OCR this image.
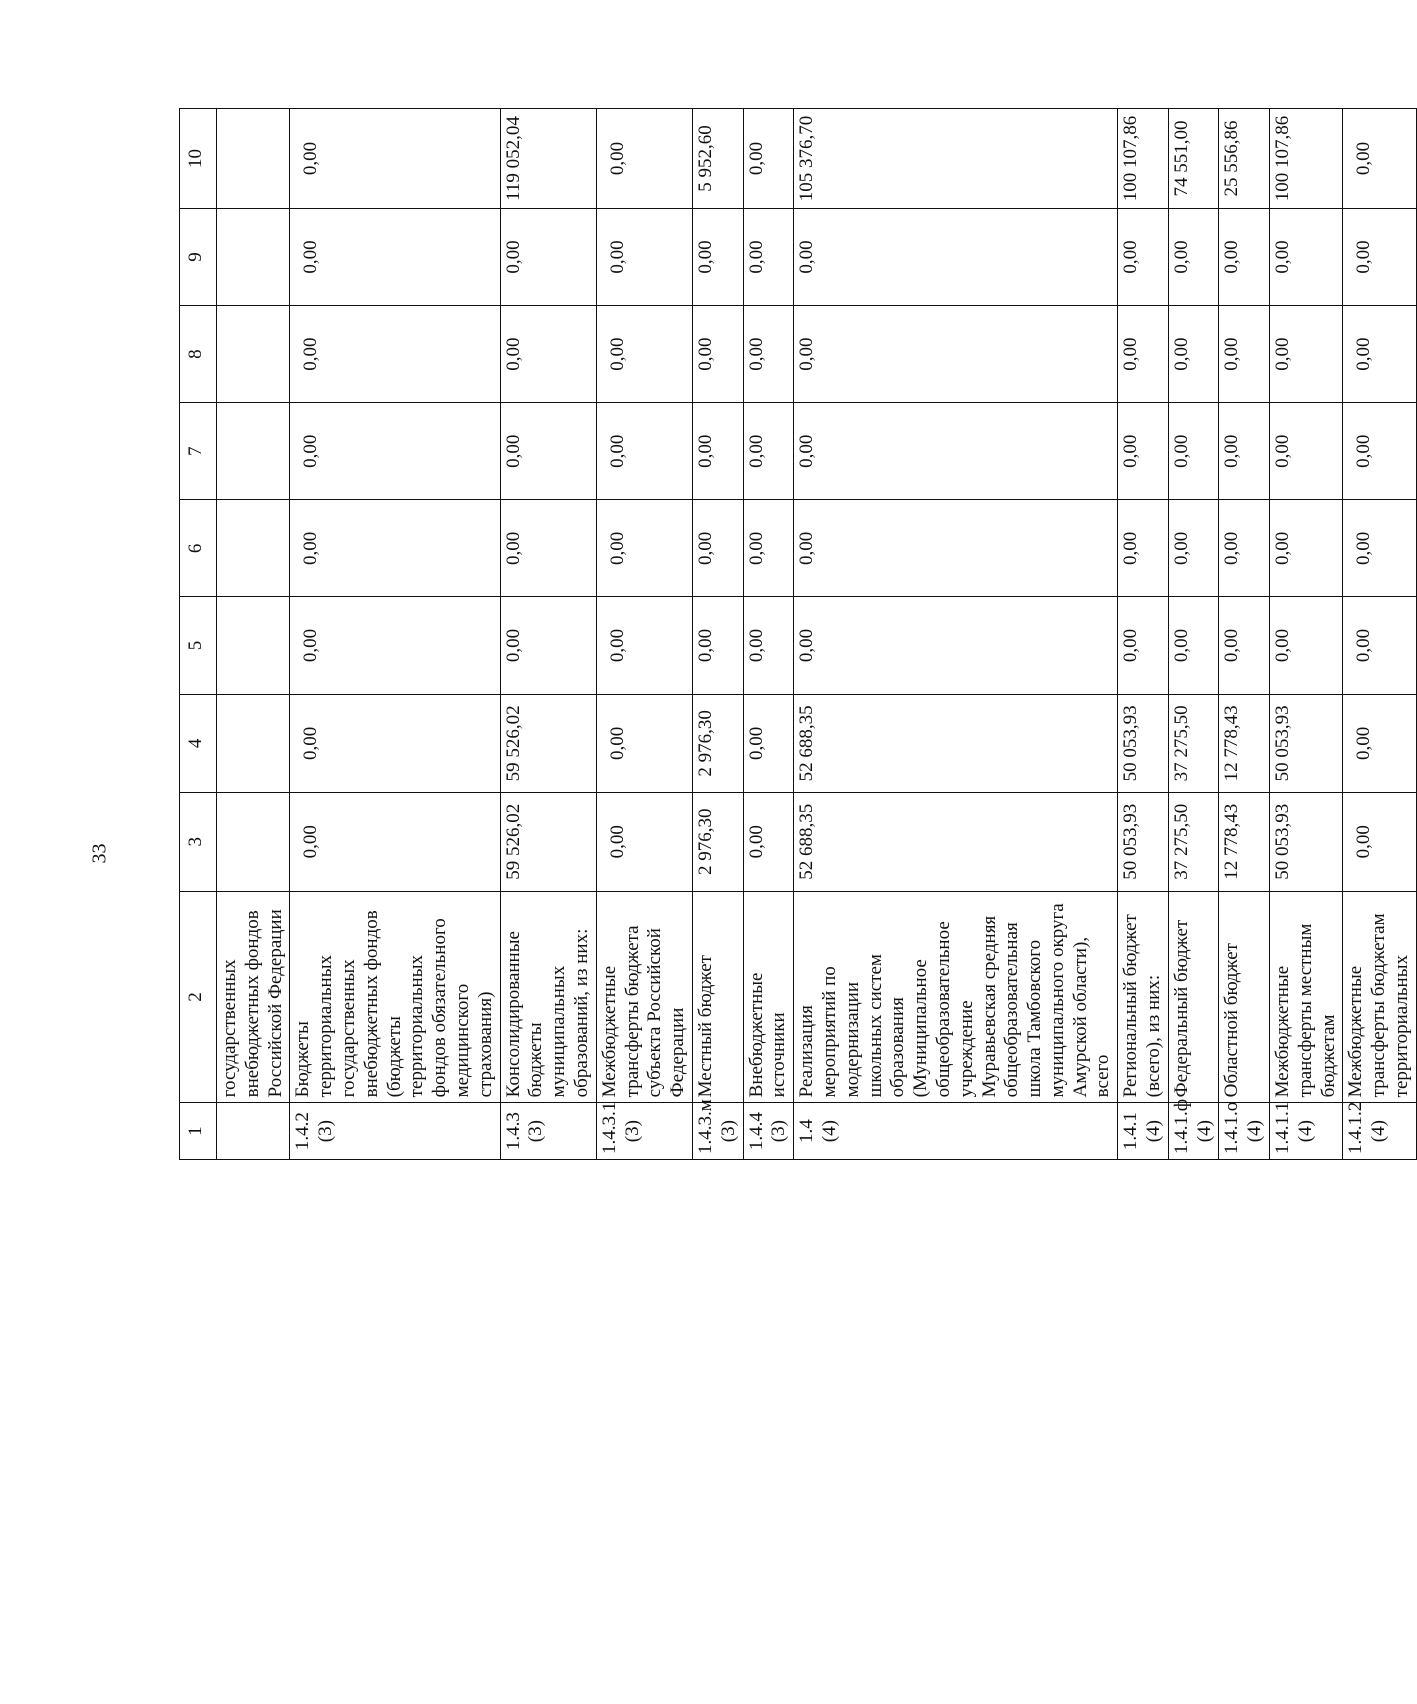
33
1	2	3	4	5	6	7	8	9	10
	государственных внебюджетных фондов Российской Федерации								
1.4.2 (3)	Бюджеты территориальных государственных внебюджетных фондов (бюджеты территориальных фондов обязательного медицинского страхования)	0,00	0,00	0,00	0,00	0,00	0,00	0,00	0,00
1.4.3 (3)	Консолидированные бюджеты муниципальных образований, из них:	59 526,02	59 526,02	0,00	0,00	0,00	0,00	0,00	119 052,04
1.4.3.1 (3)	Межбюджетные трансферты бюджета субъекта Российской Федерации	0,00	0,00	0,00	0,00	0,00	0,00	0,00	0,00
1.4.3.м (3)	Местный бюджет	2 976,30	2 976,30	0,00	0,00	0,00	0,00	0,00	5 952,60
1.4.4 (3)	Внебюджетные источники	0,00	0,00	0,00	0,00	0,00	0,00	0,00	0,00
1.4 (4)	Реализация мероприятий по модернизации школьных систем образования (Муниципальное общеобразовательное учреждение Муравьевская средняя общеобразовательная школа Тамбовского муниципального округа Амурской области), всего	52 688,35	52 688,35	0,00	0,00	0,00	0,00	0,00	105 376,70
1.4.1 (4)	Региональный бюджет (всего), из них:	50 053,93	50 053,93	0,00	0,00	0,00	0,00	0,00	100 107,86
1.4.1.ф (4)	Федеральный бюджет	37 275,50	37 275,50	0,00	0,00	0,00	0,00	0,00	74 551,00
1.4.1.о (4)	Областной бюджет	12 778,43	12 778,43	0,00	0,00	0,00	0,00	0,00	25 556,86
1.4.1.1 (4)	Межбюджетные трансферты местным бюджетам	50 053,93	50 053,93	0,00	0,00	0,00	0,00	0,00	100 107,86
1.4.1.2 (4)	Межбюджетные трансферты бюджетам территориальных	0,00	0,00	0,00	0,00	0,00	0,00	0,00	0,00
